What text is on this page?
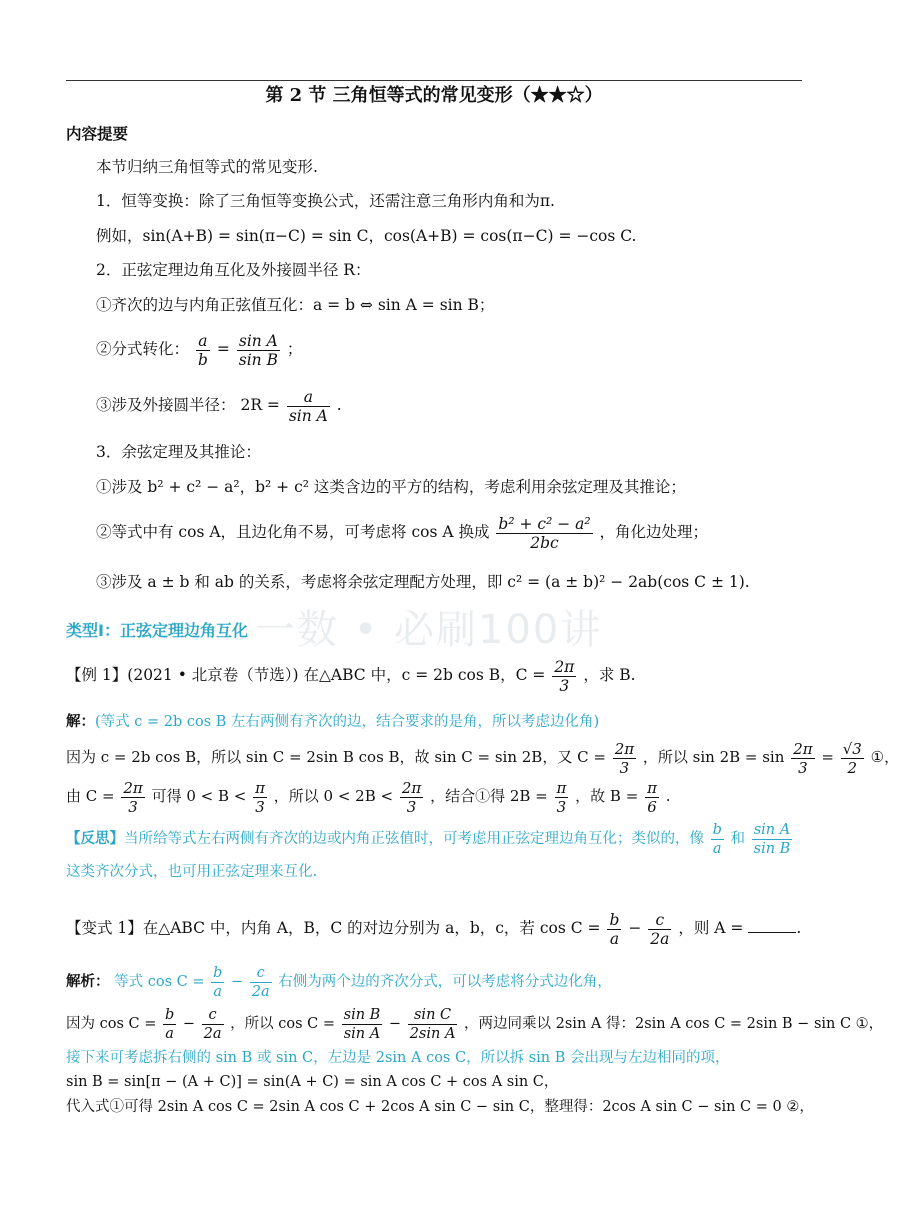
第 2 节 三角恒等式的常见变形（★★☆）
内容提要
本节归纳三角恒等式的常见变形.
1．恒等变换：除了三角恒等变换公式，还需注意三角形内角和为π.
例如，sin(A+B) = sin(π−C) = sin C，cos(A+B) = cos(π−C) = −cos C.
2．正弦定理边角互化及外接圆半径 R：
①齐次的边与内角正弦值互化：a = b ⇔ sin A = sin B；
②分式转化： $\frac{a}{b} = \frac{\text{sin A}}{\text{sin B}}$ ；
③涉及外接圆半径： $2R = \frac{a}{\text{sin A}}$ .
3．余弦定理及其推论：
①涉及 b² + c² − a²，b² + c² 这类含边的平方的结构，考虑利用余弦定理及其推论；
②等式中有 cos A，且边化角不易，可考虑将 cos A 换成 $\frac{\text{b² + c² − a²}}{2bc}$ ，角化边处理；
③涉及 a ± b 和 ab 的关系，考虑将余弦定理配方处理，即 c² = (a ± b)² − 2ab(cos C ± 1).
一数 • 必刷100讲
类型Ⅰ：正弦定理边角互化
【例 1】(2021 • 北京卷（节选）) 在△ABC 中，c = 2b cos B，$C = \frac{2\pi}{3}$ ，求 B.
解：(等式 c = 2b cos B 左右两侧有齐次的边，结合要求的是角，所以考虑边化角)
因为 c = 2b cos B，所以 sin C = 2sin B cos B，故 sin C = sin 2B，又 $C = \frac{2\pi}{3}$ ，所以 $\sin 2B = \sin \frac{2\pi}{3} = \frac{√3}{2}$ ①，
由 $C = \frac{2\pi}{3}$ 可得 $0 < B < \frac{\pi}{3}$ ，所以 $0 < 2B < \frac{2\pi}{3}$ ，结合①得 $2B = \frac{\pi}{3}$ ，故 $B = \frac{\pi}{6}$ .
【反思】当所给等式左右两侧有齐次的边或内角正弦值时，可考虑用正弦定理边角互化；类似的，像 $\frac{b}{a}$ 和 $\frac{\text{sin A}}{\text{sin B}}$
这类齐次分式，也可用正弦定理来互化.
【变式 1】在△ABC 中，内角 A，B，C 的对边分别为 a，b，c，若 $\cos C = \frac{b}{a} - \frac{c}{2a}$ ，则 A =	.
解析： 等式 $\cos C = \frac{b}{a} - \frac{c}{2a}$ 右侧为两个边的齐次分式，可以考虑将分式边化角，
因为 $\cos C = \frac{b}{a} - \frac{c}{2a}$ ，所以 $\cos C = \frac{\text{sin B}}{\text{sin A}} - \frac{\text{sin C}}{\text{2sin A}}$ ，两边同乘以 2sin A 得：2sin A cos C = 2sin B − sin C ①，
接下来可考虑拆右侧的 sin B 或 sin C，左边是 2sin A cos C，所以拆 sin B 会出现与左边相同的项，
sin B = sin[π − (A + C)] = sin(A + C) = sin A cos C + cos A sin C，
代入式①可得 2sin A cos C = 2sin A cos C + 2cos A sin C − sin C，整理得：2cos A sin C − sin C = 0 ②，
